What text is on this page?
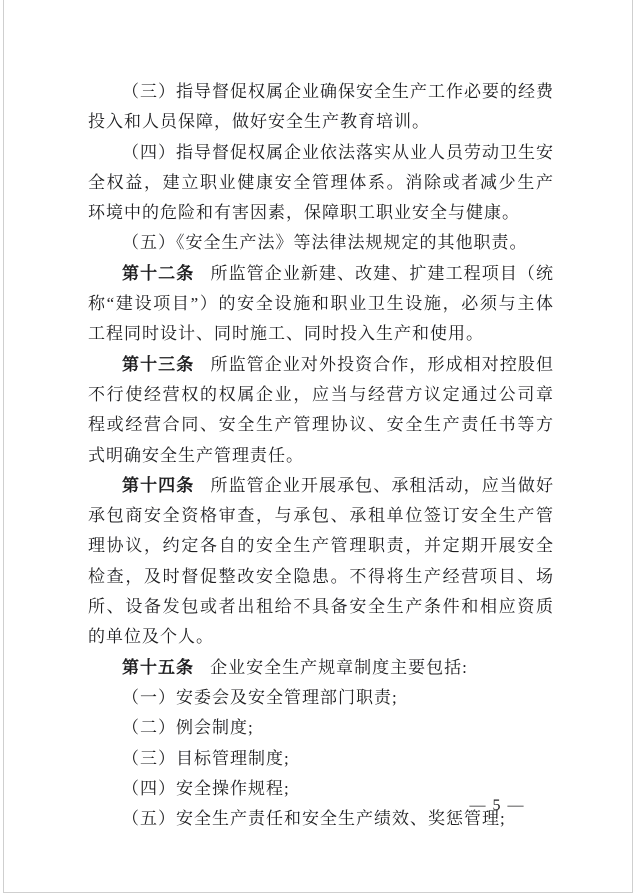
（三）指导督促权属企业确保安全生产工作必要的经费投入和人员保障，做好安全生产教育培训。

（四）指导督促权属企业依法落实从业人员劳动卫生安全权益，建立职业健康安全管理体系。消除或者减少生产环境中的危险和有害因素，保障职工职业安全与健康。

（五）《安全生产法》等法律法规规定的其他职责。

第十二条 所监管企业新建、改建、扩建工程项目（统称“建设项目”）的安全设施和职业卫生设施，必须与主体工程同时设计、同时施工、同时投入生产和使用。

第十三条 所监管企业对外投资合作，形成相对控股但不行使经营权的权属企业，应当与经营方议定通过公司章程或经营合同、安全生产管理协议、安全生产责任书等方式明确安全生产管理责任。

第十四条 所监管企业开展承包、承租活动，应当做好承包商安全资格审查，与承包、承租单位签订安全生产管理协议，约定各自的安全生产管理职责，并定期开展安全检查，及时督促整改安全隐患。不得将生产经营项目、场所、设备发包或者出租给不具备安全生产条件和相应资质的单位及个人。

第十五条 企业安全生产规章制度主要包括:

（一）安委会及安全管理部门职责;

（二）例会制度;

（三）目标管理制度;

（四）安全操作规程;

（五）安全生产责任和安全生产绩效、奖惩管理;

— 5 —
